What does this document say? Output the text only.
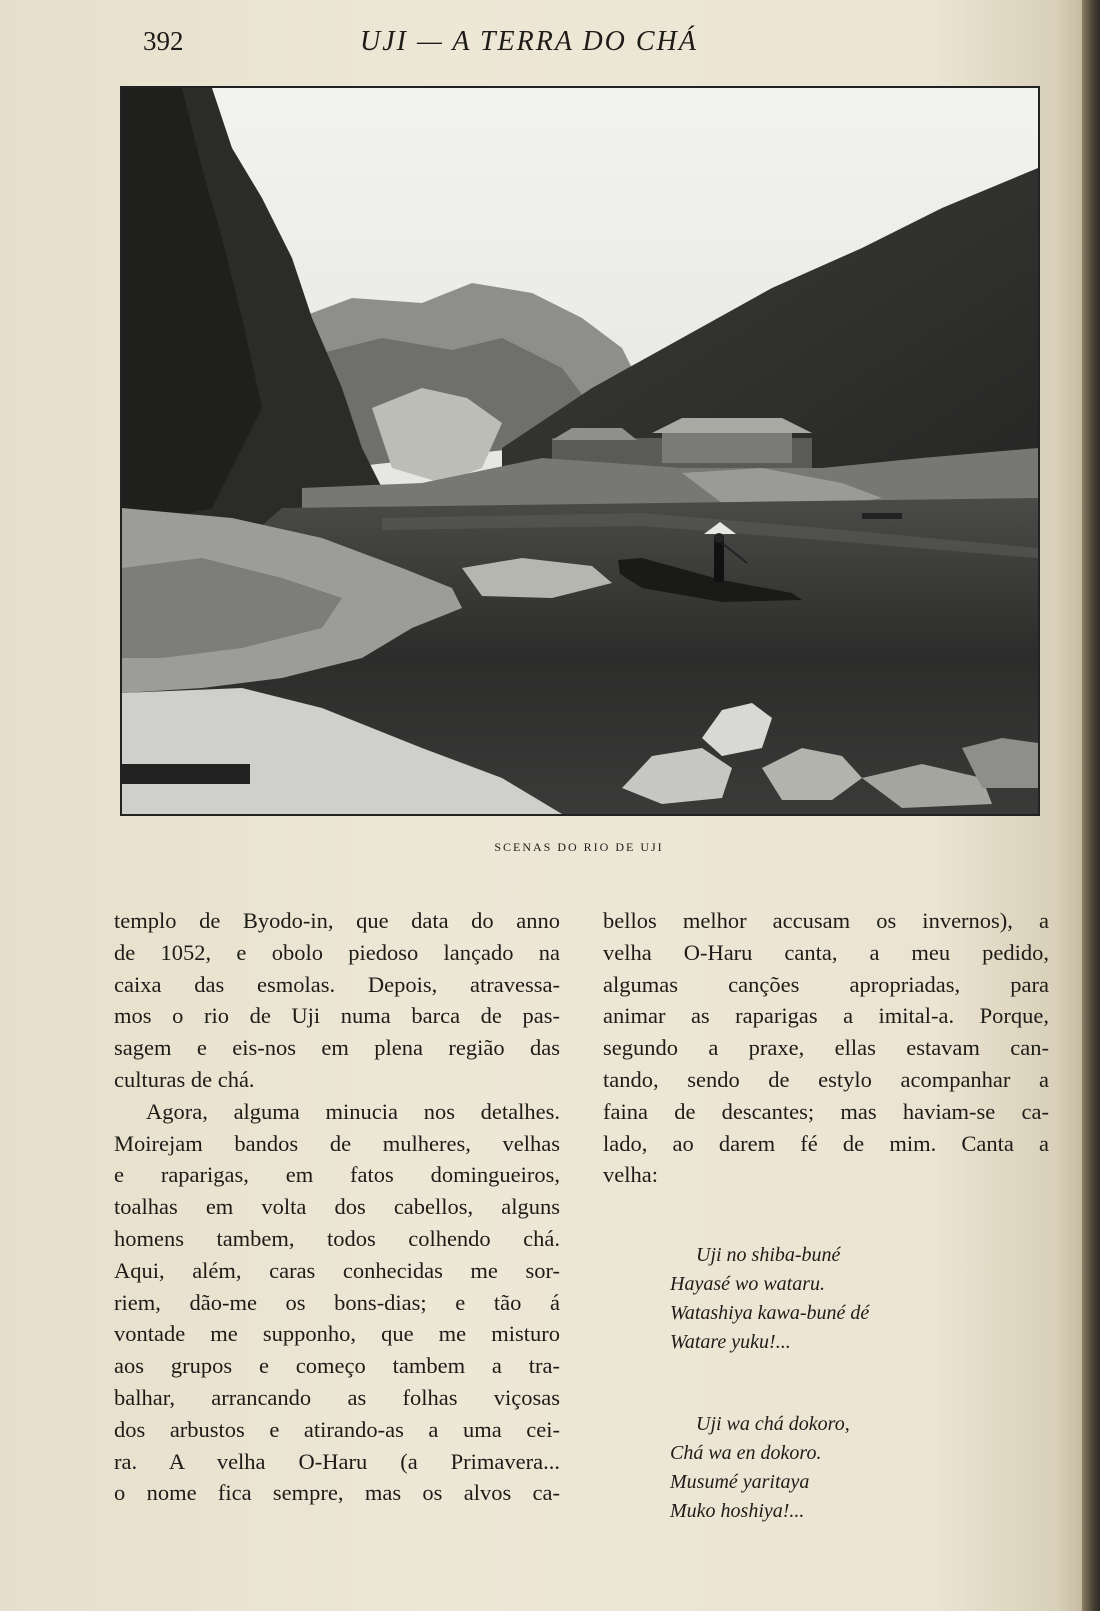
392	UJI — A TERRA DO CHÁ
SCENAS DO RIO DE UJI
templo de Byodo-in, que data do anno
de 1052, e obolo piedoso lançado na
caixa das esmolas. Depois, atravessa-
mos o rio de Uji numa barca de pas-
sagem e eis-nos em plena região das
culturas de chá.
Agora, alguma minucia nos detalhes.
Moirejam bandos de mulheres, velhas
e raparigas, em fatos domingueiros,
toalhas em volta dos cabellos, alguns
homens tambem, todos colhendo chá.
Aqui, além, caras conhecidas me sor-
riem, dão-me os bons-dias; e tão á
vontade me supponho, que me misturo
aos grupos e começo tambem a tra-
balhar, arrancando as folhas viçosas
dos arbustos e atirando-as a uma cei-
ra. A velha O-Haru (a Primavera...
o nome fica sempre, mas os alvos ca-
bellos melhor accusam os invernos), a
velha O-Haru canta, a meu pedido,
algumas canções apropriadas, para
animar as raparigas a imital-a. Porque,
segundo a praxe, ellas estavam can-
tando, sendo de estylo acompanhar a
faina de descantes; mas haviam-se ca-
lado, ao darem fé de mim. Canta a
velha:
Uji no shiba-buné
Hayasé wo wataru.
Watashiya kawa-buné dé
Watare yuku!...
Uji wa chá dokoro,
Chá wa en dokoro.
Musumé yaritaya
Muko hoshiya!...
